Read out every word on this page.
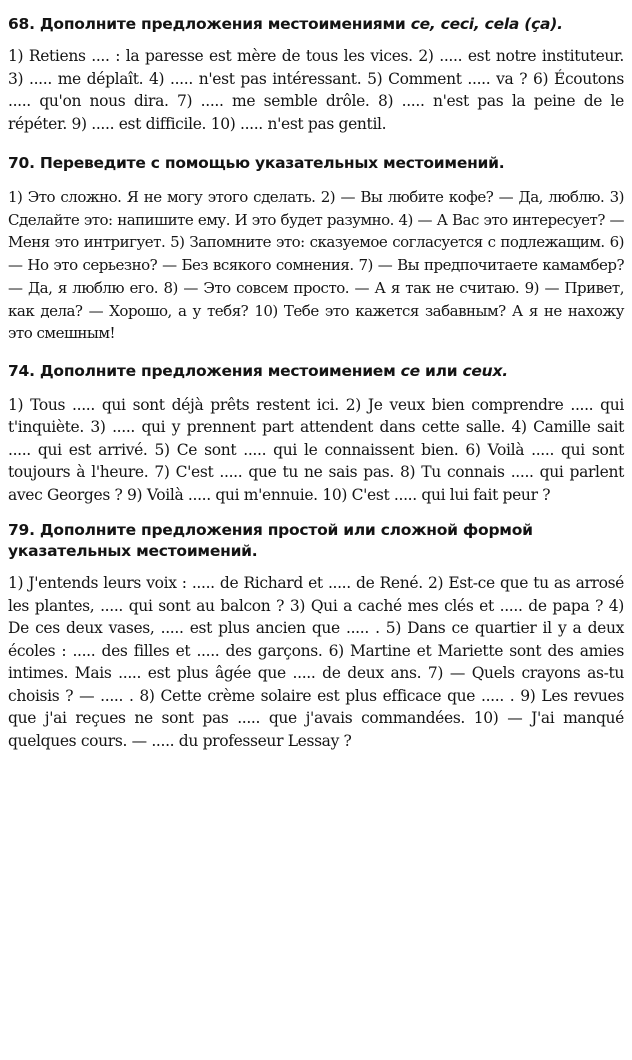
68. Дополните предложения местоимениями ce, ceci, cela (ça).

1) Retiens .... : la paresse est mère de tous les vices. 2) ..... est notre instituteur. 3) ..... me déplaît. 4) ..... n'est pas intéressant. 5) Comment ..... va ? 6) Écoutons ..... qu'on nous dira. 7) ..... me semble drôle. 8) ..... n'est pas la peine de le répéter. 9) ..... est difficile. 10) ..... n'est pas gentil.

70. Переведите с помощью указательных местоимений.

1) Это сложно. Я не могу этого сделать. 2) — Вы любите кофе? — Да, люблю. 3) Сделайте это: напишите ему. И это будет разумно. 4) — А Вас это интересует? — Меня это интригует. 5) Запомните это: сказуемое согласуется с подлежащим. 6) — Но это серьезно? — Без всякого сомнения. 7) — Вы предпочитаете камамбер? — Да, я люблю его. 8) — Это совсем просто. — А я так не считаю. 9) — Привет, как дела? — Хорошо, а у тебя? 10) Тебе это кажется забавным? А я не нахожу это смешным!

74. Дополните предложения местоимением ce или ceux.

1) Tous ..... qui sont déjà prêts restent ici. 2) Je veux bien comprendre ..... qui t'inquiète. 3) ..... qui y prennent part attendent dans cette salle. 4) Camille sait ..... qui est arrivé. 5) Ce sont ..... qui le connaissent bien. 6) Voilà ..... qui sont toujours à l'heure. 7) C'est ..... que tu ne sais pas. 8) Tu connais ..... qui parlent avec Georges ? 9) Voilà ..... qui m'ennuie. 10) C'est ..... qui lui fait peur ?

79. Дополните предложения простой или сложной формой указательных местоимений.

1) J'entends leurs voix : ..... de Richard et ..... de René. 2) Est-ce que tu as arrosé les plantes, ..... qui sont au balcon ? 3) Qui a caché mes clés et ..... de papa ? 4) De ces deux vases, ..... est plus ancien que ..... . 5) Dans ce quartier il y a deux écoles : ..... des filles et ..... des garçons. 6) Martine et Mariette sont des amies intimes. Mais ..... est plus âgée que ..... de deux ans. 7) — Quels crayons as-tu choisis ? — ..... . 8) Cette crème solaire est plus efficace que ..... . 9) Les revues que j'ai reçues ne sont pas ..... que j'avais commandées. 10) — J'ai manqué quelques cours. — ..... du professeur Lessay ?
